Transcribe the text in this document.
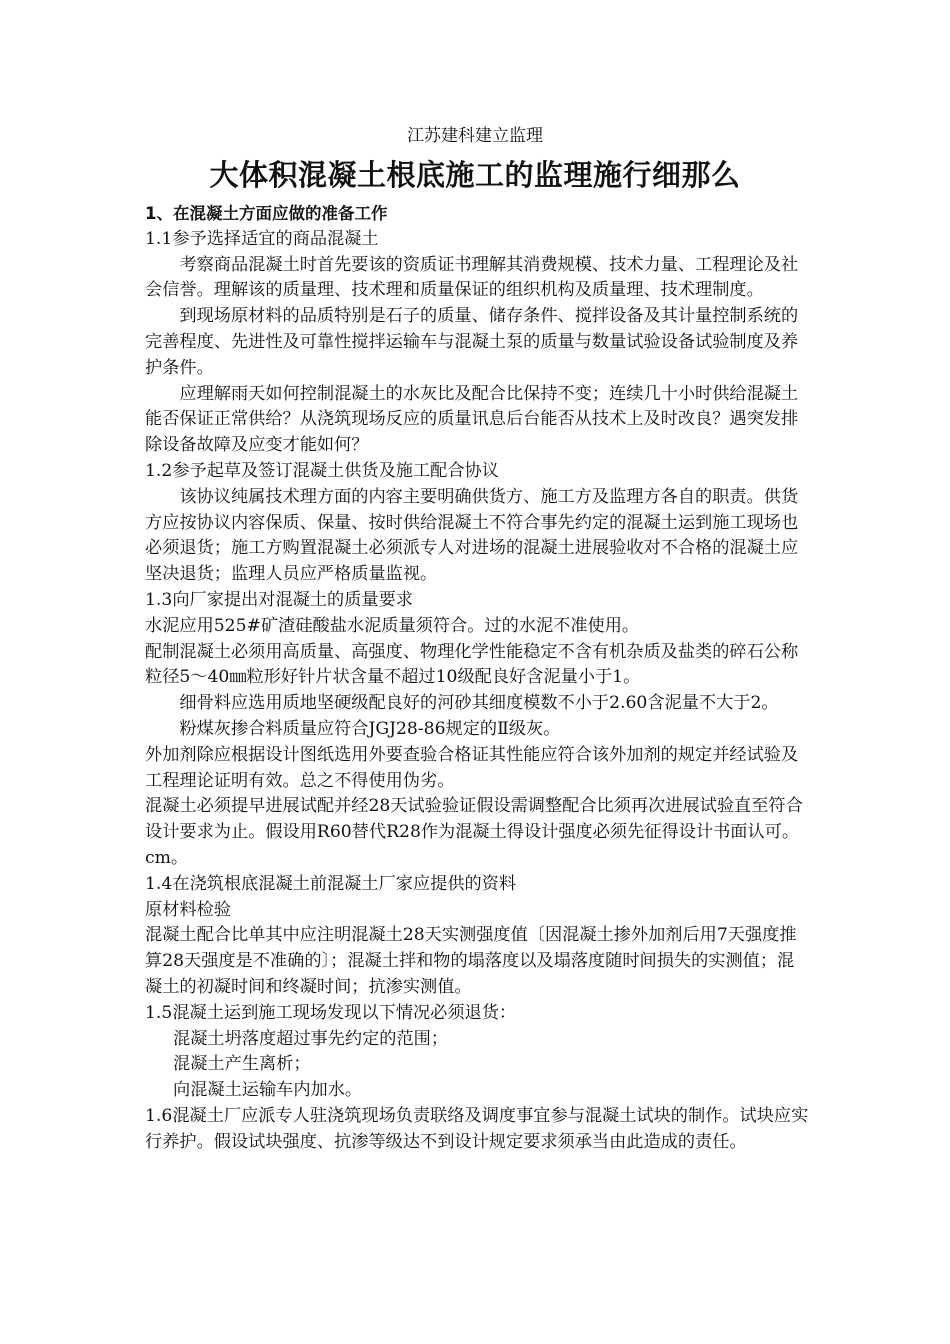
江苏建科建立监理
大体积混凝土根底施工的监理施行细那么

1、在混凝土方面应做的准备工作

1.1参予选择适宜的商品混凝土

考察商品混凝土时首先要该的资质证书理解其消费规模、技术力量、工程理论及社会信誉。理解该的质量理、技术理和质量保证的组织机构及质量理、技术理制度。

到现场原材料的品质特别是石子的质量、储存条件、搅拌设备及其计量控制系统的完善程度、先进性及可靠性搅拌运输车与混凝土泵的质量与数量试验设备试验制度及养护条件。

应理解雨天如何控制混凝土的水灰比及配合比保持不变；连续几十小时供给混凝土能否保证正常供给？从浇筑现场反应的质量讯息后台能否从技术上及时改良？遇突发排除设备故障及应变才能如何？

1.2参予起草及签订混凝土供货及施工配合协议

该协议纯属技术理方面的内容主要明确供货方、施工方及监理方各自的职责。供货方应按协议内容保质、保量、按时供给混凝土不符合事先约定的混凝土运到施工现场也必须退货；施工方购置混凝土必须派专人对进场的混凝土进展验收对不合格的混凝土应坚决退货；监理人员应严格质量监视。

1.3向厂家提出对混凝土的质量要求

水泥应用525#矿渣硅酸盐水泥质量须符合。过的水泥不准使用。

配制混凝土必须用高质量、高强度、物理化学性能稳定不含有机杂质及盐类的碎石公称粒径5～40㎜粒形好针片状含量不超过10级配良好含泥量小于1。

细骨料应选用质地坚硬级配良好的河砂其细度模数不小于2.60含泥量不大于2。

粉煤灰掺合料质量应符合JGJ28-86规定的Ⅱ级灰。

外加剂除应根据设计图纸选用外要查验合格证其性能应符合该外加剂的规定并经试验及工程理论证明有效。总之不得使用伪劣。

混凝土必须提早进展试配并经28天试验验证假设需调整配合比须再次进展试验直至符合设计要求为止。假设用R60替代R28作为混凝土得设计强度必须先征得设计书面认可。

cm。

1.4在浇筑根底混凝土前混凝土厂家应提供的资料

原材料检验

混凝土配合比单其中应注明混凝土28天实测强度值〔因混凝土掺外加剂后用7天强度推算28天强度是不准确的〕；混凝土拌和物的塌落度以及塌落度随时间损失的实测值；混凝土的初凝时间和终凝时间；抗渗实测值。

1.5混凝土运到施工现场发现以下情况必须退货：

混凝土坍落度超过事先约定的范围；

混凝土产生离析；

向混凝土运输车内加水。

1.6混凝土厂应派专人驻浇筑现场负责联络及调度事宜参与混凝土试块的制作。试块应实行养护。假设试块强度、抗渗等级达不到设计规定要求须承当由此造成的责任。
